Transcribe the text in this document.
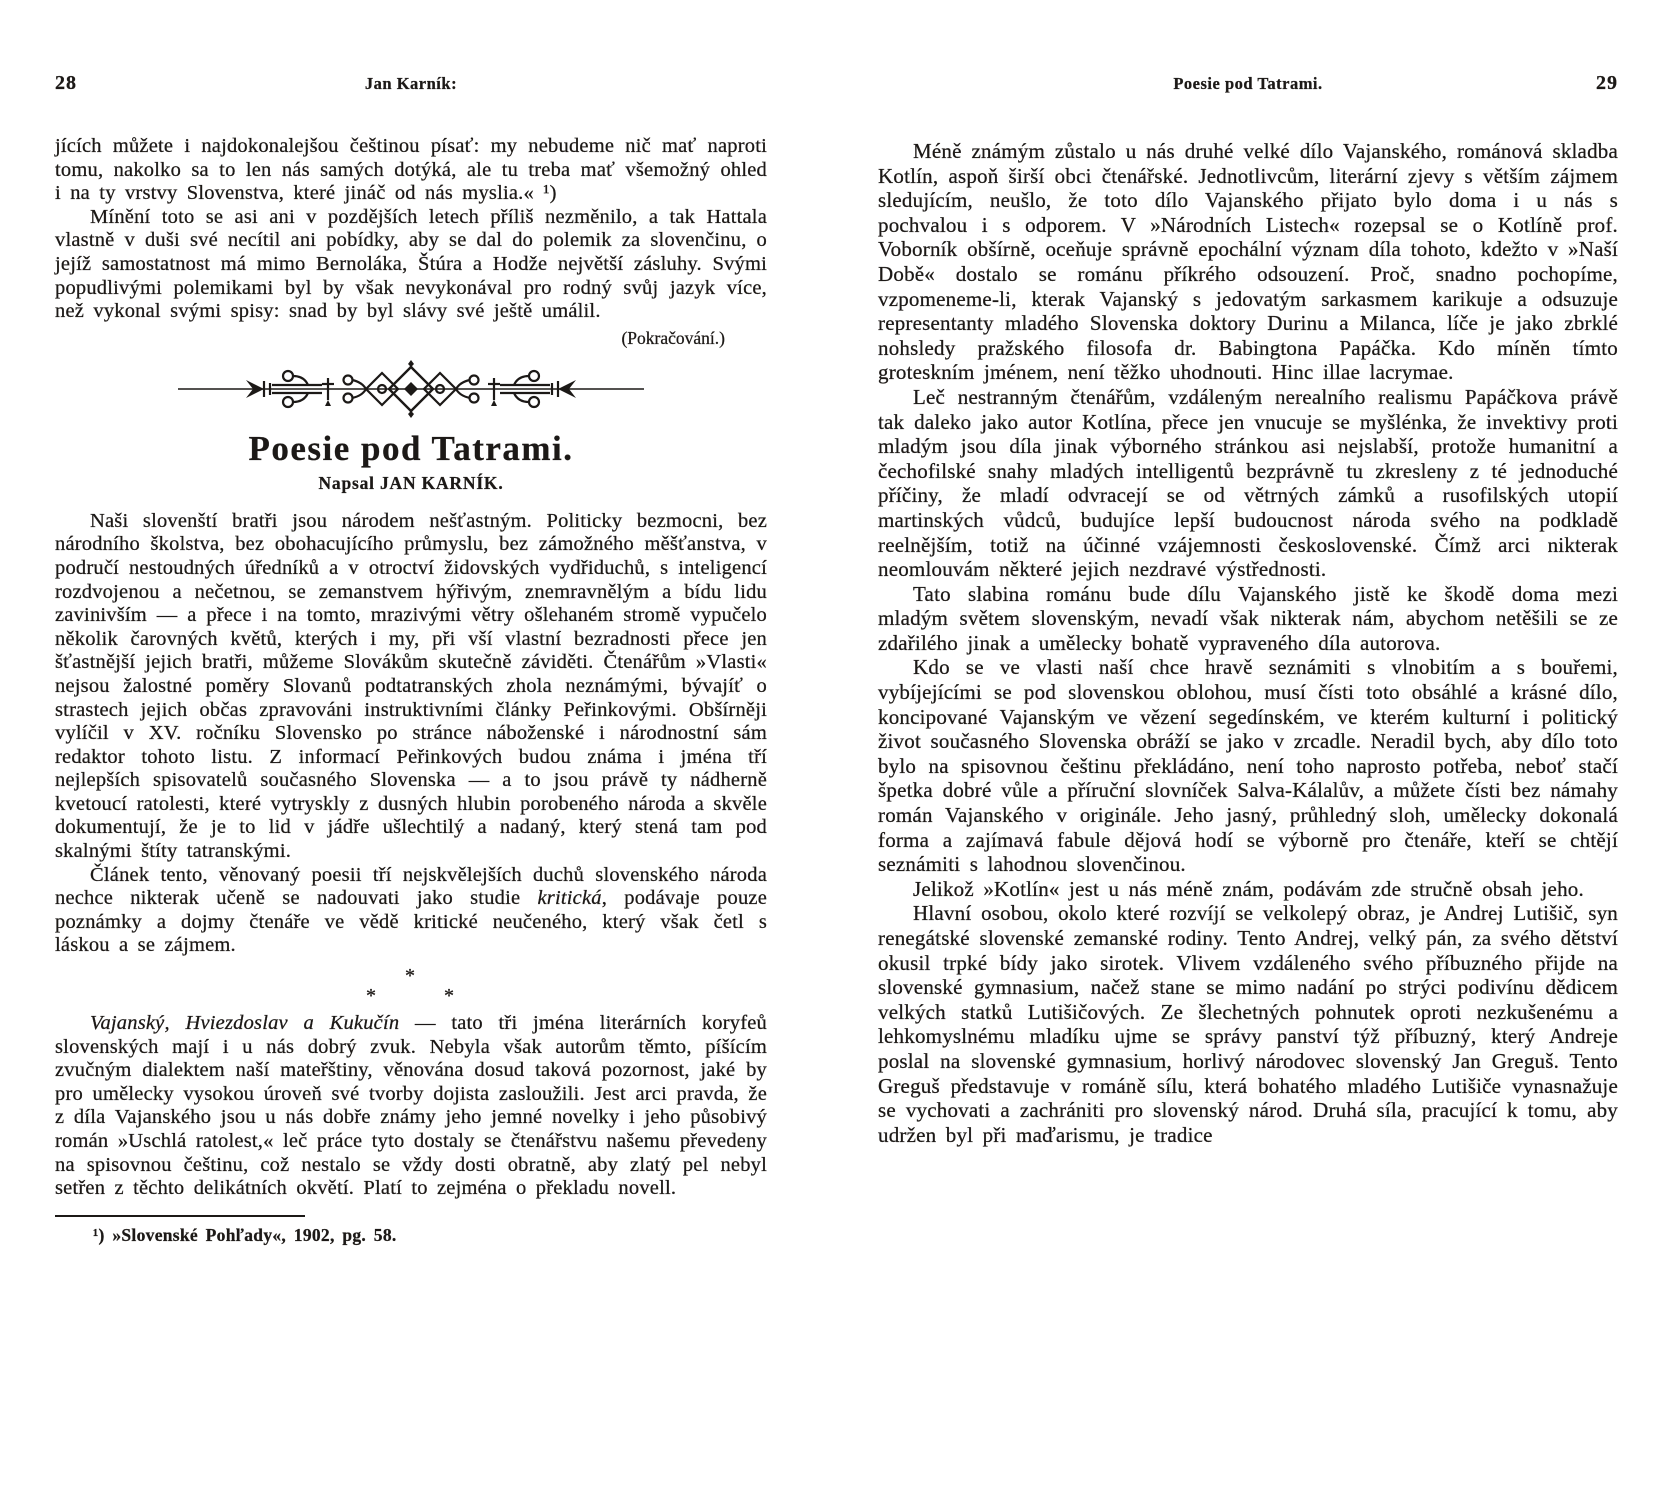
28	Jan Karník:

jících můžete i najdokonalejšou češtinou písať: my nebudeme nič mať naproti tomu, nakolko sa to len nás samých dotýká, ale tu treba mať všemožný ohled i na ty vrstvy Slovenstva, které jináč od nás myslia.« ¹)

Mínění toto se asi ani v pozdějších letech příliš nezměnilo, a tak Hattala vlastně v duši své necítil ani pobídky, aby se dal do polemik za slovenčinu, o jejíž samostatnost má mimo Bernoláka, Štúra a Hodže největší zásluhy. Svými popudlivými polemikami byl by však nevykonával pro rodný svůj jazyk více, než vykonal svými spisy: snad by byl slávy své ještě umálil.

(Pokračování.)
Poesie pod Tatrami.
Napsal JAN KARNÍK.

Naši slovenští bratři jsou národem nešťastným. Politicky bezmocni, bez národního školstva, bez obohacujícího průmyslu, bez zámožného měšťanstva, v područí nestoudných úředníků a v otroctví židovských vydřiduchů, s inteligencí rozdvojenou a nečetnou, se zemanstvem hýřivým, znemravnělým a bídu lidu zavinivším — a přece i na tomto, mrazivými větry ošlehaném stromě vypučelo několik čarovných květů, kterých i my, při vší vlastní bezradnosti přece jen šťastnější jejich bratři, můžeme Slovákům skutečně záviděti. Čtenářům »Vlasti« nejsou žalostné poměry Slovanů podtatranských zhola neznámými, bývajíť o strastech jejich občas zpravováni instruktivními články Peřinkovými. Obšírněji vylíčil v XV. ročníku Slovensko po stránce náboženské i národnostní sám redaktor tohoto listu. Z informací Peřinkových budou známa i jména tří nejlepších spisovatelů současného Slovenska — a to jsou právě ty nádherně kvetoucí ratolesti, které vytryskly z dusných hlubin porobeného národa a skvěle dokumentují, že je to lid v jádře ušlechtilý a nadaný, který stená tam pod skalnými štíty tatranskými.

Článek tento, věnovaný poesii tří nejskvělejších duchů slovenského národa nechce nikterak učeně se nadouvati jako studie kritická, podávaje pouze poznámky a dojmy čtenáře ve vědě kritické neučeného, který však četl s láskou a se zájmem.

*
*   *

Vajanský, Hviezdoslav a Kukučín — tato tři jména literárních koryfeů slovenských mají i u nás dobrý zvuk. Nebyla však autorům těmto, píšícím zvučným dialektem naší mateřštiny, věnována dosud taková pozornost, jaké by pro umělecky vysokou úroveň své tvorby dojista zasloužili. Jest arci pravda, že z díla Vajanského jsou u nás dobře známy jeho jemné novelky i jeho působivý román »Uschlá ratolest,« leč práce tyto dostaly se čtenářstvu našemu převedeny na spisovnou češtinu, což nestalo se vždy dosti obratně, aby zlatý pel nebyl setřen z těchto delikátních okvětí. Platí to zejména o překladu novell.

¹) »Slovenské Pohľady«, 1902, pg. 58.
Poesie pod Tatrami.	29

Méně známým zůstalo u nás druhé velké dílo Vajanského, románová skladba Kotlín, aspoň širší obci čtenářské. Jednotlivcům, literární zjevy s větším zájmem sledujícím, neušlo, že toto dílo Vajanského přijato bylo doma i u nás s pochvalou i s odporem. V »Národních Listech« rozepsal se o Kotlíně prof. Voborník obšírně, oceňuje správně epochální význam díla tohoto, kdežto v »Naší Době« dostalo se románu příkrého odsouzení. Proč, snadno pochopíme, vzpomeneme-li, kterak Vajanský s jedovatým sarkasmem karikuje a odsuzuje representanty mladého Slovenska doktory Durinu a Milanca, líče je jako zbrklé nohsledy pražského filosofa dr. Babingtona Papáčka. Kdo míněn tímto groteskním jménem, není těžko uhodnouti. Hinc illae lacrymae.

Leč nestranným čtenářům, vzdáleným nerealního realismu Papáčkova právě tak daleko jako autor Kotlína, přece jen vnucuje se myšlénka, že invektivy proti mladým jsou díla jinak výborného stránkou asi nejslabší, protože humanitní a čechofilské snahy mladých intelligentů bezprávně tu zkresleny z té jednoduché příčiny, že mladí odvracejí se od větrných zámků a rusofilských utopií martinských vůdců, budujíce lepší budoucnost národa svého na podkladě reelnějším, totiž na účinné vzájemnosti československé. Čímž arci nikterak neomlouvám některé jejich nezdravé výstřednosti.

Tato slabina románu bude dílu Vajanského jistě ke škodě doma mezi mladým světem slovenským, nevadí však nikterak nám, abychom netěšili se ze zdařilého jinak a umělecky bohatě vypraveného díla autorova.

Kdo se ve vlasti naší chce hravě seznámiti s vlnobitím a s bouřemi, vybíjejícími se pod slovenskou oblohou, musí čísti toto obsáhlé a krásné dílo, koncipované Vajanským ve vězení segedínském, ve kterém kulturní i politický život současného Slovenska obráží se jako v zrcadle. Neradil bych, aby dílo toto bylo na spisovnou češtinu překládáno, není toho naprosto potřeba, neboť stačí špetka dobré vůle a příruční slovníček Salva-Kálalův, a můžete čísti bez námahy román Vajanského v originále. Jeho jasný, průhledný sloh, umělecky dokonalá forma a zajímavá fabule dějová hodí se výborně pro čtenáře, kteří se chtějí seznámiti s lahodnou slovenčinou.

Jelikož »Kotlín« jest u nás méně znám, podávám zde stručně obsah jeho.

Hlavní osobou, okolo které rozvíjí se velkolepý obraz, je Andrej Lutišič, syn renegátské slovenské zemanské rodiny. Tento Andrej, velký pán, za svého dětství okusil trpké bídy jako sirotek. Vlivem vzdáleného svého příbuzného přijde na slovenské gymnasium, načež stane se mimo nadání po strýci podivínu dědicem velkých statků Lutišičových. Ze šlechetných pohnutek oproti nezkušenému a lehkomyslnému mladíku ujme se správy panství týž příbuzný, který Andreje poslal na slovenské gymnasium, horlivý národovec slovenský Jan Greguš. Tento Greguš představuje v románě sílu, která bohatého mladého Lutišiče vynasnažuje se vychovati a zachrániti pro slovenský národ. Druhá síla, pracující k tomu, aby udržen byl při maďarismu, je tradice
